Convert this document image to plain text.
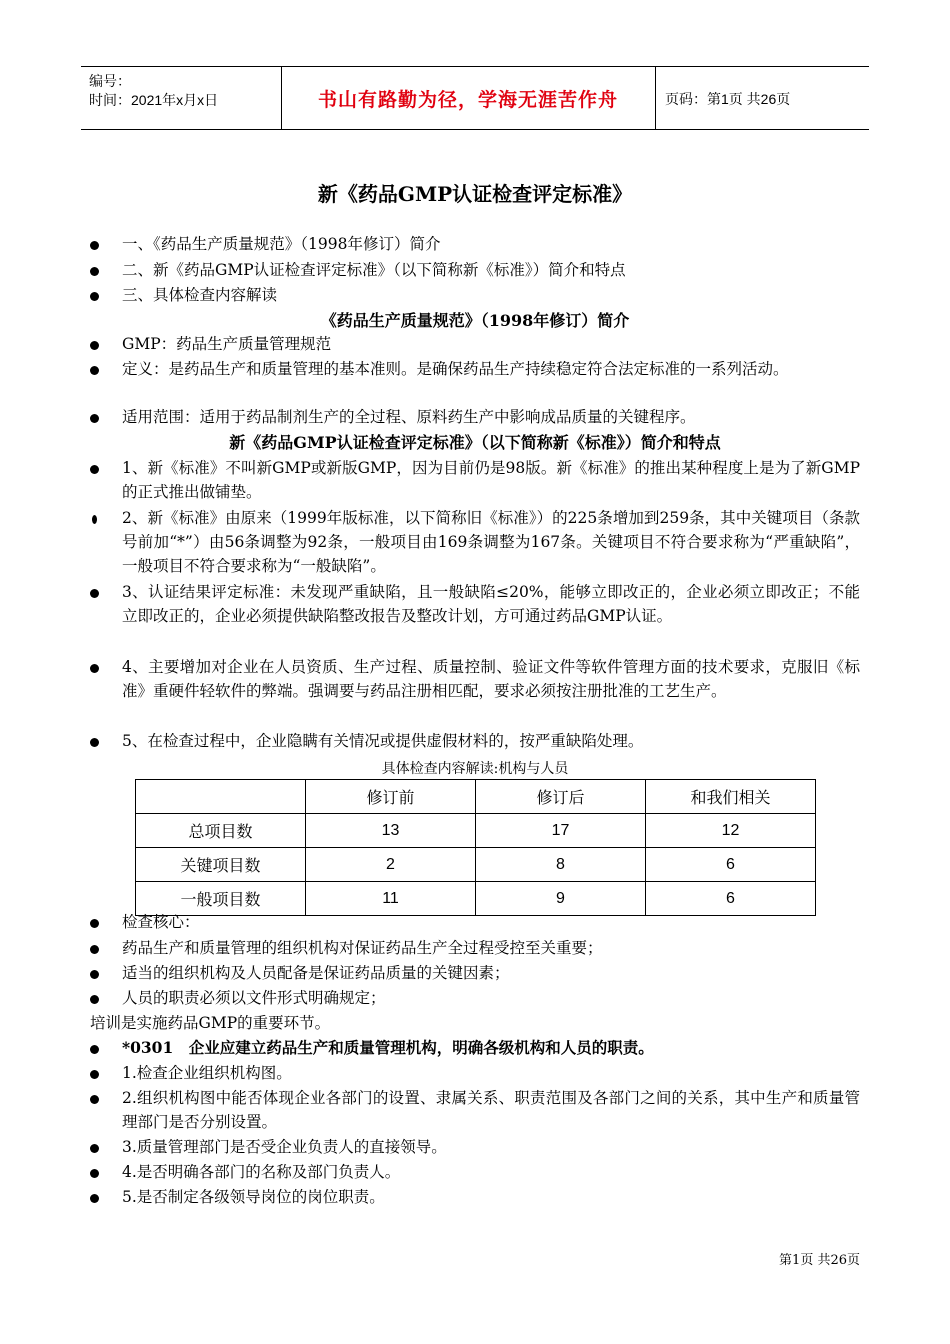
编号：
时间：2021年x月x日	书山有路勤为径，学海无涯苦作舟	页码：第1页 共26页
新《药品GMP认证检查评定标准》
一、《药品生产质量规范》（1998年修订）简介
二、新《药品GMP认证检查评定标准》（以下简称新《标准》）简介和特点
三、具体检查内容解读
《药品生产质量规范》（1998年修订）简介
GMP：药品生产质量管理规范
定义：是药品生产和质量管理的基本准则。是确保药品生产持续稳定符合法定标准的一系列活动。
适用范围：适用于药品制剂生产的全过程、原料药生产中影响成品质量的关键程序。
新《药品GMP认证检查评定标准》（以下简称新《标准》）简介和特点
1、新《标准》不叫新GMP或新版GMP，因为目前仍是98版。新《标准》的推出某种程度上是为了新GMP的正式推出做铺垫。
2、新《标准》由原来（1999年版标准，以下简称旧《标准》）的225条增加到259条，其中关键项目（条款号前加“*”）由56条调整为92条，一般项目由169条调整为167条。关键项目不符合要求称为“严重缺陷”，一般项目不符合要求称为“一般缺陷”。
3、认证结果评定标准：未发现严重缺陷，且一般缺陷≤20%，能够立即改正的，企业必须立即改正；不能立即改正的，企业必须提供缺陷整改报告及整改计划，方可通过药品GMP认证。
4、主要增加对企业在人员资质、生产过程、质量控制、验证文件等软件管理方面的技术要求，克服旧《标准》重硬件轻软件的弊端。强调要与药品注册相匹配，要求必须按注册批准的工艺生产。
5、在检查过程中，企业隐瞒有关情况或提供虚假材料的，按严重缺陷处理。
具体检查内容解读:机构与人员
	修订前	修订后	和我们相关
总项目数	13	17	12
关键项目数	2	8	6
一般项目数	11	9	6
检查核心：
药品生产和质量管理的组织机构对保证药品生产全过程受控至关重要；
适当的组织机构及人员配备是保证药品质量的关键因素；
人员的职责必须以文件形式明确规定；
培训是实施药品GMP的重要环节。
*0301　企业应建立药品生产和质量管理机构，明确各级机构和人员的职责。
1.检查企业组织机构图。
2.组织机构图中能否体现企业各部门的设置、隶属关系、职责范围及各部门之间的关系，其中生产和质量管理部门是否分别设置。
3.质量管理部门是否受企业负责人的直接领导。
4.是否明确各部门的名称及部门负责人。
5.是否制定各级领导岗位的岗位职责。
第1页 共26页
